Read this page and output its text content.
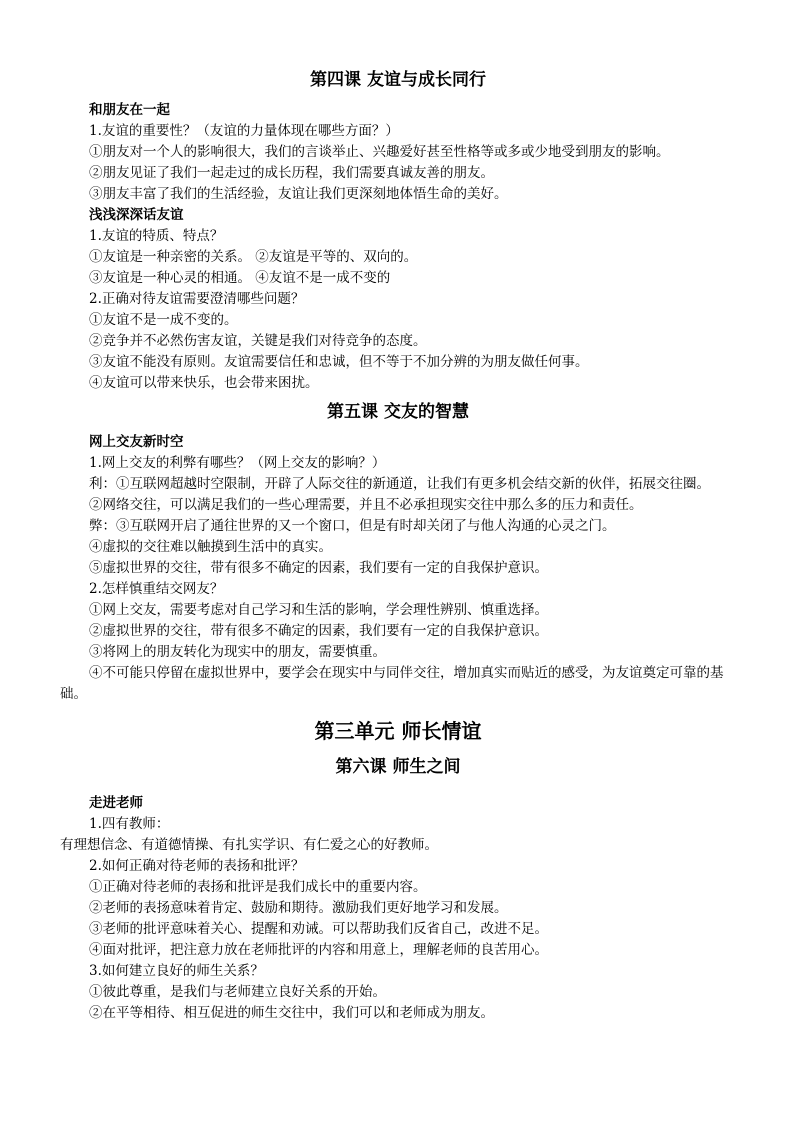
第四课 友谊与成长同行
和朋友在一起

1.友谊的重要性？（友谊的力量体现在哪些方面？）

①朋友对一个人的影响很大，我们的言谈举止、兴趣爱好甚至性格等或多或少地受到朋友的影响。

②朋友见证了我们一起走过的成长历程，我们需要真诚友善的朋友。

③朋友丰富了我们的生活经验，友谊让我们更深刻地体悟生命的美好。

浅浅深深话友谊

1.友谊的特质、特点？

①友谊是一种亲密的关系。 ②友谊是平等的、双向的。

③友谊是一种心灵的相通。 ④友谊不是一成不变的

2.正确对待友谊需要澄清哪些问题？

①友谊不是一成不变的。

②竞争并不必然伤害友谊，关键是我们对待竞争的态度。

③友谊不能没有原则。友谊需要信任和忠诚，但不等于不加分辨的为朋友做任何事。

④友谊可以带来快乐，也会带来困扰。

第五课 交友的智慧
网上交友新时空

1.网上交友的利弊有哪些？（网上交友的影响？）

利：①互联网超越时空限制，开辟了人际交往的新通道，让我们有更多机会结交新的伙伴，拓展交往圈。

②网络交往，可以满足我们的一些心理需要，并且不必承担现实交往中那么多的压力和责任。

弊：③互联网开启了通往世界的又一个窗口，但是有时却关闭了与他人沟通的心灵之门。

④虚拟的交往难以触摸到生活中的真实。

⑤虚拟世界的交往，带有很多不确定的因素，我们要有一定的自我保护意识。

2.怎样慎重结交网友？

①网上交友，需要考虑对自己学习和生活的影响，学会理性辨别、慎重选择。

②虚拟世界的交往，带有很多不确定的因素，我们要有一定的自我保护意识。

③将网上的朋友转化为现实中的朋友，需要慎重。

④不可能只停留在虚拟世界中，要学会在现实中与同伴交往，增加真实而贴近的感受，为友谊奠定可靠的基础。

第三单元 师长情谊
第六课 师生之间
走进老师

1.四有教师：

有理想信念、有道德情操、有扎实学识、有仁爱之心的好教师。

2.如何正确对待老师的表扬和批评？

①正确对待老师的表扬和批评是我们成长中的重要内容。

②老师的表扬意味着肯定、鼓励和期待。激励我们更好地学习和发展。

③老师的批评意味着关心、提醒和劝诫。可以帮助我们反省自己，改进不足。

④面对批评，把注意力放在老师批评的内容和用意上，理解老师的良苦用心。

3.如何建立良好的师生关系？

①彼此尊重，是我们与老师建立良好关系的开始。

②在平等相待、相互促进的师生交往中，我们可以和老师成为朋友。
